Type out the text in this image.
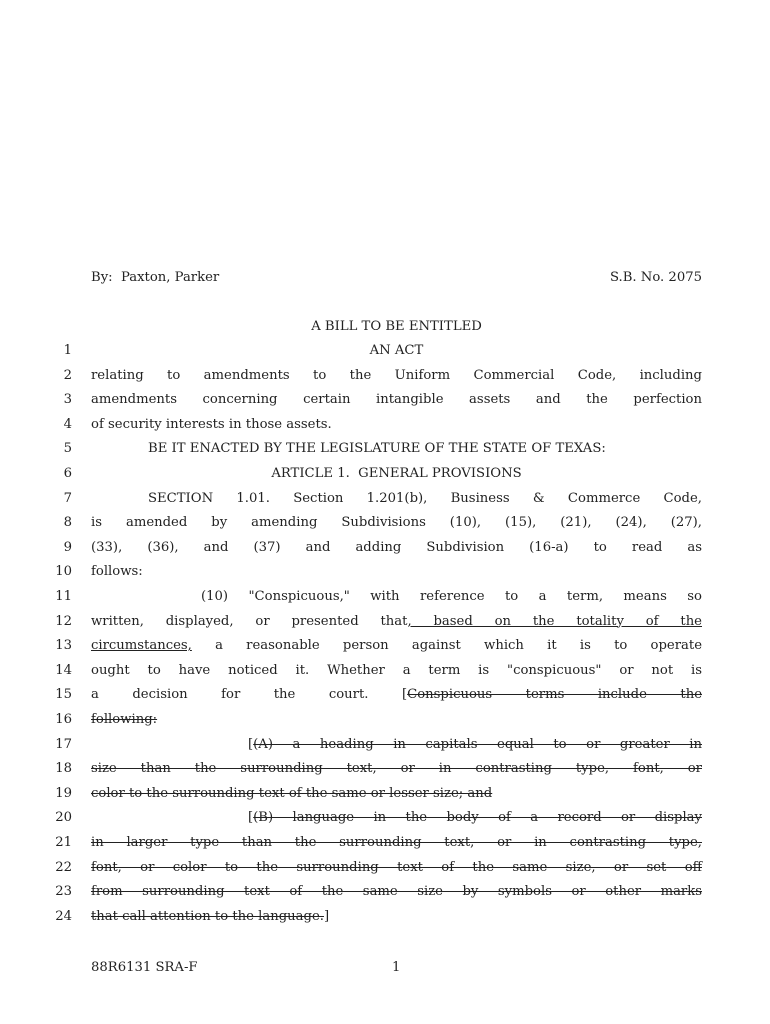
By:  Paxton, Parker	S.B. No. 2075
A BILL TO BE ENTITLED
1	AN ACT
2 relating to amendments to the Uniform Commercial Code, including
3 amendments concerning certain intangible assets and the perfection
4 of security interests in those assets.
5	BE IT ENACTED BY THE LEGISLATURE OF THE STATE OF TEXAS:
6	ARTICLE 1.  GENERAL PROVISIONS
7	SECTION 1.01. Section 1.201(b), Business & Commerce Code,
8 is amended by amending Subdivisions (10), (15), (21), (24), (27),
9 (33), (36), and (37) and adding Subdivision (16-a) to read as
10 follows:
11	(10) "Conspicuous," with reference to a term, means so
12 written, displayed, or presented that, based on the totality of the
13 circumstances, a reasonable person against which it is to operate
14 ought to have noticed it. Whether a term is "conspicuous" or not is
15 a decision for the court. [Conspicuous terms include the
16 following:
17	[(A) a heading in capitals equal to or greater in
18 size than the surrounding text, or in contrasting type, font, or
19 color to the surrounding text of the same or lesser size; and
20	[(B) language in the body of a record or display
21 in larger type than the surrounding text, or in contrasting type,
22 font, or color to the surrounding text of the same size, or set off
23 from surrounding text of the same size by symbols or other marks
24 that call attention to the language.]
88R6131 SRA-F	1
